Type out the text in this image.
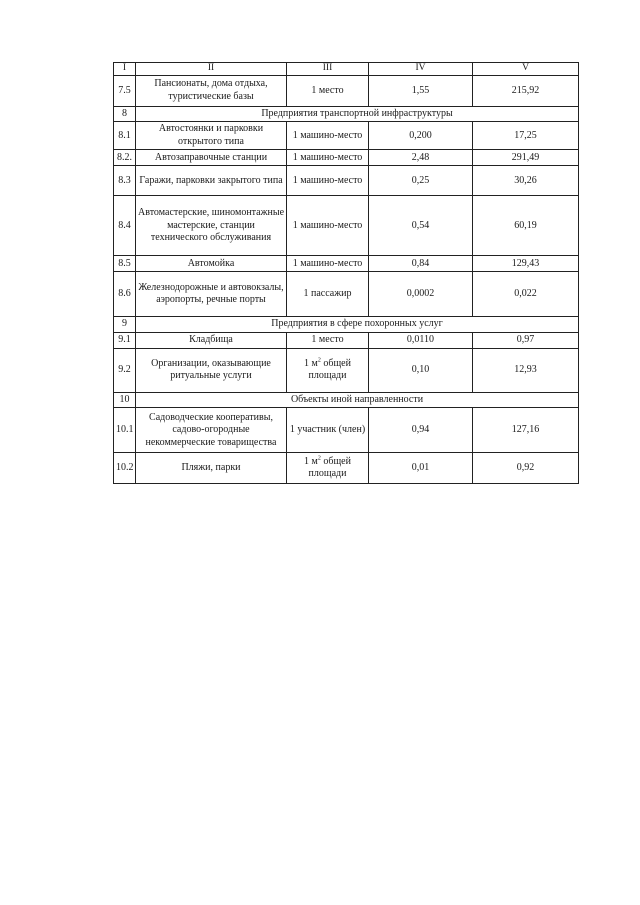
I	II	III	IV	V
7.5	Пансионаты, дома отдыха, туристические базы	1 место	1,55	215,92
8	Предприятия транспортной инфраструктуры			
8.1	Автостоянки и парковки открытого типа	1 машино-место	0,200	17,25
8.2.	Автозаправочные станции	1 машино-место	2,48	291,49
8.3	Гаражи, парковки закрытого типа	1 машино-место	0,25	30,26
8.4	Автомастерские, шиномонтажные мастерские, станции технического обслуживания	1 машино-место	0,54	60,19
8.5	Автомойка	1 машино-место	0,84	129,43
8.6	Железнодорожные и автовокзалы, аэропорты, речные порты	1 пассажир	0,0002	0,022
9	Предприятия в сфере похоронных услуг			
9.1	Кладбища	1 место	0,0110	0,97
9.2	Организации, оказывающие ритуальные услуги	1 $м^2$ общей площади	0,10	12,93
10	Объекты иной направленности			
10.1	Садоводческие кооперативы, садово-огородные некоммерческие товарищества	1 участник (член)	0,94	127,16
10.2	Пляжи, парки	1 $м^2$ общей площади	0,01	0,92
